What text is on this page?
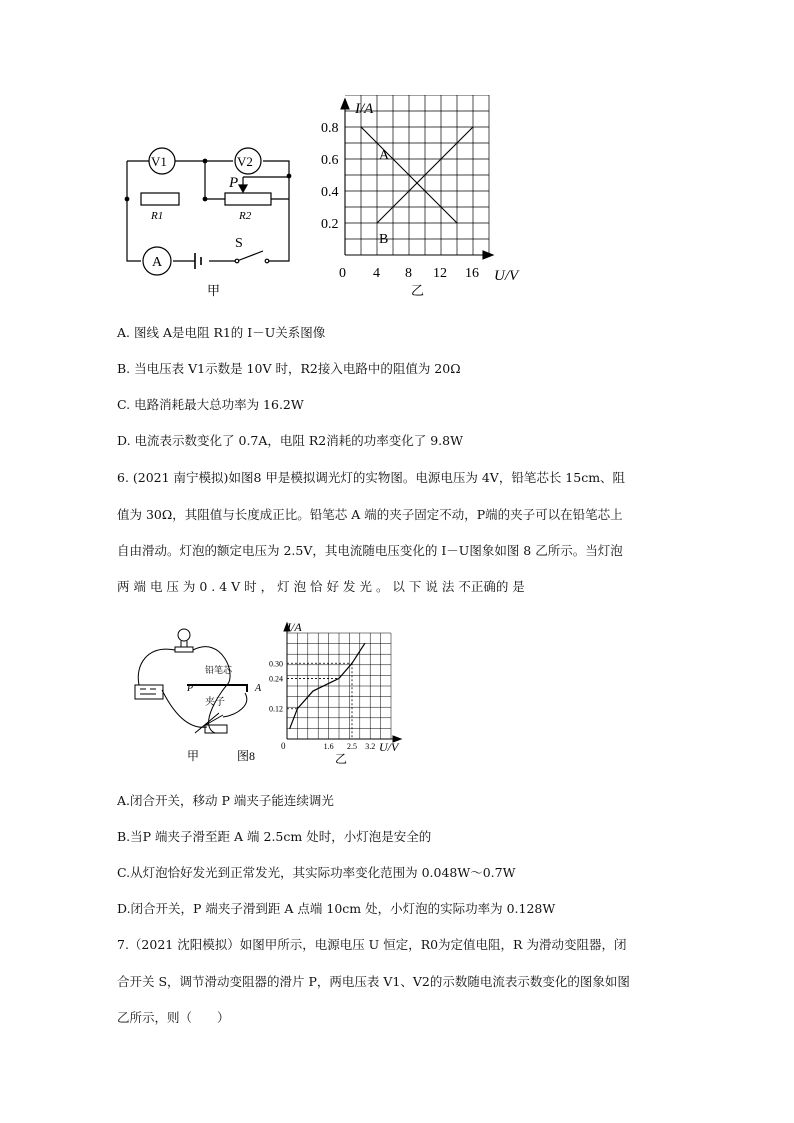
V1	V2
P
R1	R2
A
S
甲
4 8 12 16
0.2
0.4
0.6
0.8
I/A
U/V
0
A
B
乙
A. 图线 A是电阻 R1的 I－U关系图像
B. 当电压表 V1示数是 10V 时，R2接入电路中的阻值为 20Ω
C. 电路消耗最大总功率为 16.2W
D. 电流表示数变化了 0.7A，电阻 R2消耗的功率变化了 9.8W
6. (2021 南宁模拟)如图8 甲是模拟调光灯的实物图。电源电压为 4V，铅笔芯长 15cm、阻
值为 30Ω，其阻值与长度成正比。铅笔芯 A 端的夹子固定不动，P端的夹子可以在铅笔芯上
自由滑动。灯泡的额定电压为 2.5V，其电流随电压变化的 I－U图象如图 8 乙所示。当灯泡
两 端 电 压 为 0 . 4 V 时 ， 灯 泡 恰 好 发 光 。 以 下 说 法 不正确的 是
铅笔芯
夹子
P	A
甲	图8
1.6 2.5 3.2
0.12
0.24
0.30
I/A
U/V
0
乙
A.闭合开关，移动 P 端夹子能连续调光
B.当P 端夹子滑至距 A 端 2.5cm 处时，小灯泡是安全的
C.从灯泡恰好发光到正常发光，其实际功率变化范围为 0.048W～0.7W
D.闭合开关，P 端夹子滑到距 A 点端 10cm 处，小灯泡的实际功率为 0.128W
7.（2021 沈阳模拟）如图甲所示，电源电压 U 恒定，R0为定值电阻，R 为滑动变阻器，闭
合开关 S，调节滑动变阻器的滑片 P，两电压表 V1、V2的示数随电流表示数变化的图象如图
乙所示，则（　　）
